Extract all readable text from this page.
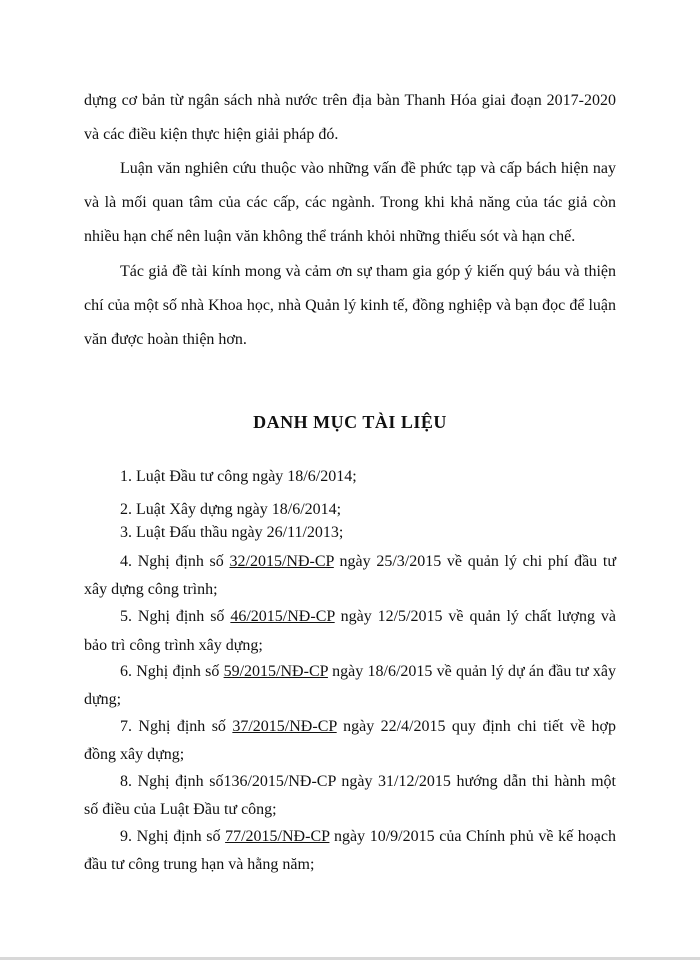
dựng cơ bản từ ngân sách nhà nước trên địa bàn Thanh Hóa giai đoạn 2017-2020
và các điều kiện thực hiện giải pháp đó.
Luận văn nghiên cứu thuộc vào những vấn đề phức tạp và cấp bách hiện nay
và là mối quan tâm của các cấp, các ngành. Trong khi khả năng của tác giả còn
nhiều hạn chế nên luận văn không thể tránh khỏi những thiếu sót và hạn chế.
Tác giả đề tài kính mong và cảm ơn sự tham gia góp ý kiến quý báu và thiện
chí của một số nhà Khoa học, nhà Quản lý kinh tế, đồng nghiệp và bạn đọc để luận
văn được hoàn thiện hơn.
DANH MỤC TÀI LIỆU
1. Luật Đầu tư công ngày 18/6/2014;
2. Luật Xây dựng ngày 18/6/2014;
3. Luật Đấu thầu ngày 26/11/2013;
4. Nghị định số 32/2015/NĐ-CP ngày 25/3/2015 về quản lý chi phí đầu tư
xây dựng công trình;
5. Nghị định số 46/2015/NĐ-CP ngày 12/5/2015 về quản lý chất lượng và
bảo trì công trình xây dựng;
6. Nghị định số 59/2015/NĐ-CP ngày 18/6/2015 về quản lý dự án đầu tư xây
dựng;
7. Nghị định số 37/2015/NĐ-CP ngày 22/4/2015 quy định chi tiết về hợp
đồng xây dựng;
8. Nghị định số136/2015/NĐ-CP ngày 31/12/2015 hướng dẫn thi hành một
số điều của Luật Đầu tư công;
9. Nghị định số 77/2015/NĐ-CP ngày 10/9/2015 của Chính phủ về kế hoạch
đầu tư công trung hạn và hằng năm;
